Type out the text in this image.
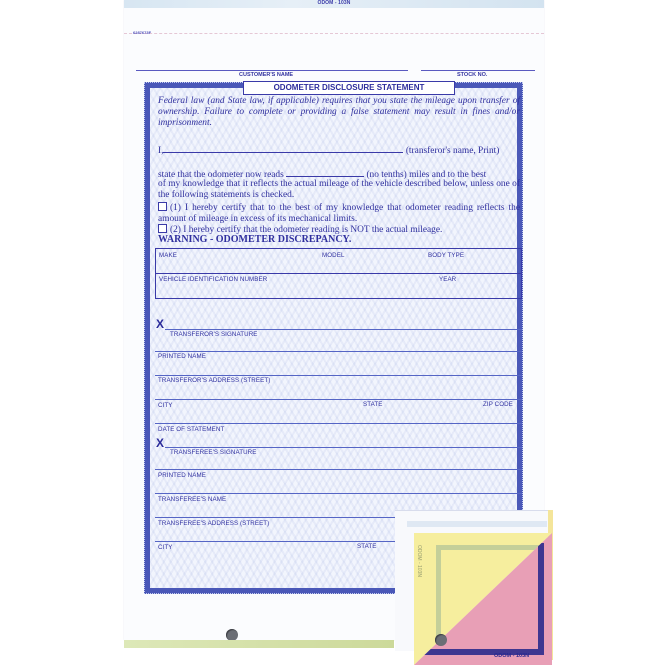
ODOM - 103N
6287673F
CUSTOMER'S NAME	STOCK NO.
ODOMETER DISCLOSURE STATEMENT
Federal law (and State law, if applicable) requires that you state the mileage upon transfer of ownership. Failure to complete or providing a false statement may result in fines and/or imprisonment.
I,	(transferor's name, Print)
state that the odometer now reads	(no tenths) miles and to the best
of my knowledge that it reflects the actual mileage of the vehicle described below, unless one of the following statements is checked.
(1) I hereby certify that to the best of my knowledge that odometer reading reflects the amount of mileage in excess of its mechanical limits.
(2) I hereby certify that the odometer reading is NOT the actual mileage.
WARNING - ODOMETER DISCREPANCY.
MAKE	MODEL	BODY TYPE
VEHICLE IDENTIFICATION NUMBER	YEAR
X
TRANSFEROR'S SIGNATURE
PRINTED NAME
TRANSFEROR'S ADDRESS (STREET)
CITY	STATE	ZIP CODE
DATE OF STATEMENT
X
TRANSFEREE'S SIGNATURE
PRINTED NAME
TRANSFEREE'S NAME
TRANSFEREE'S ADDRESS (STREET)
CITY	STATE	ODOM - 103N
ODOM - 103N
